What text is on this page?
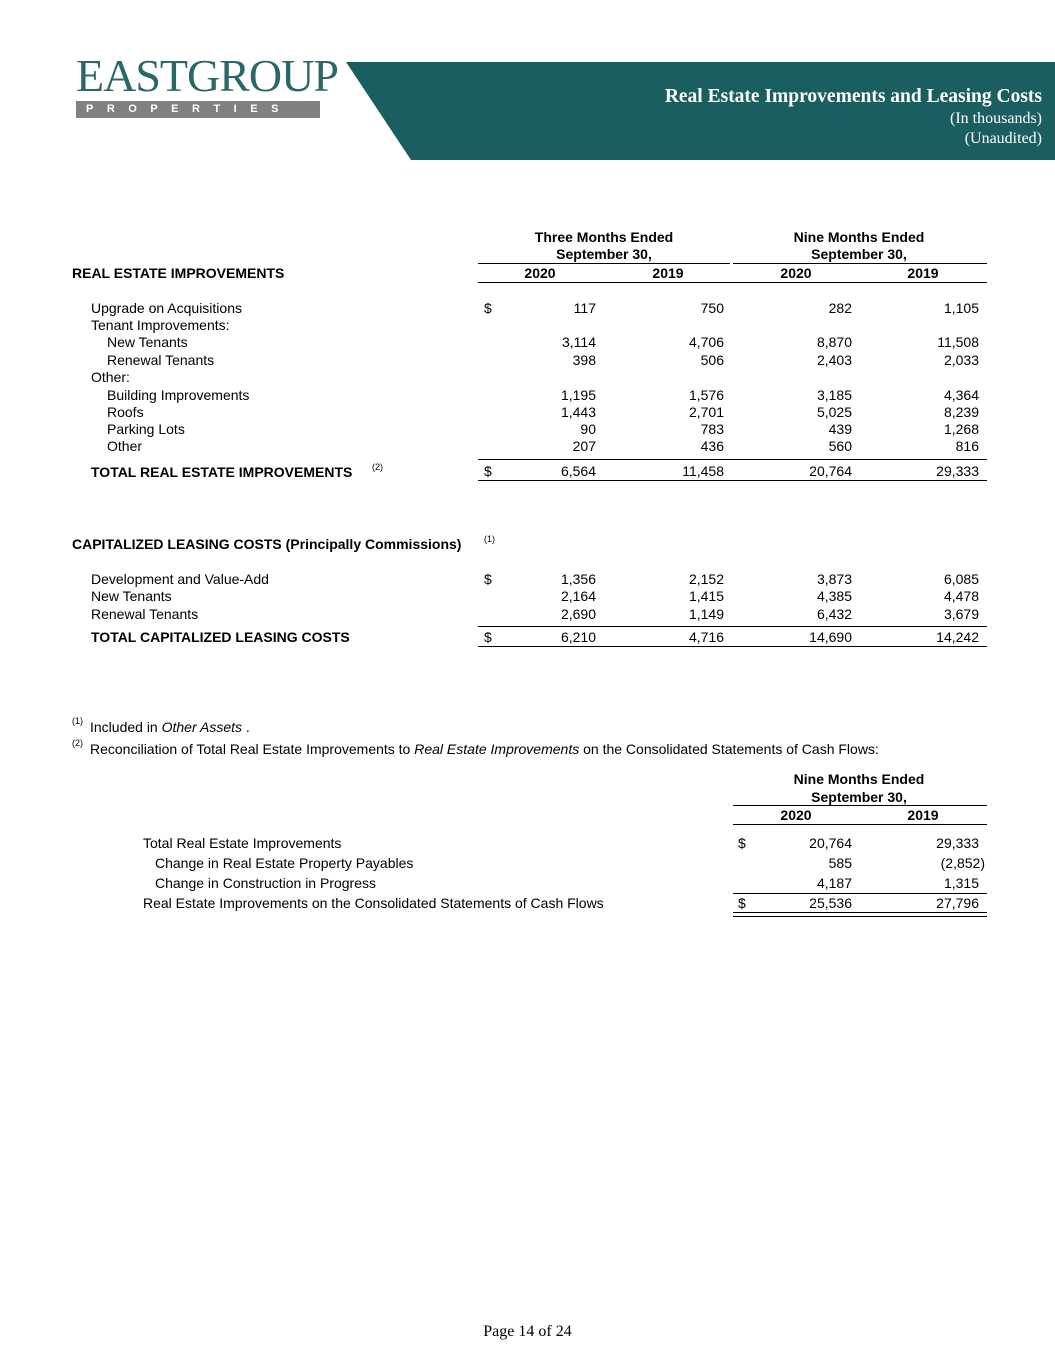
EASTGROUP
PROPERTIES
Real Estate Improvements and Leasing Costs
(In thousands)
(Unaudited)
Three Months Ended
September 30,
Nine Months Ended
September 30,
REAL ESTATE IMPROVEMENTS	2020	2019	2020	2019
Upgrade on Acquisitions	$	117	750	282	1,105
Tenant Improvements:
New Tenants	3,114	4,706	8,870	11,508
Renewal Tenants	398	506	2,403	2,033
Other:
Building Improvements	1,195	1,576	3,185	4,364
Roofs	1,443	2,701	5,025	8,239
Parking Lots	90	783	439	1,268
Other	207	436	560	816
TOTAL REAL ESTATE IMPROVEMENTS (2)	$	6,564	11,458	20,764	29,333
CAPITALIZED LEASING COSTS (Principally Commissions)	(1)
Development and Value-Add	$	1,356	2,152	3,873	6,085
New Tenants	2,164	1,415	4,385	4,478
Renewal Tenants	2,690	1,149	6,432	3,679
TOTAL CAPITALIZED LEASING COSTS	$	6,210	4,716	14,690	14,242
(1) Included in Other Assets .
(2) Reconciliation of Total Real Estate Improvements to Real Estate Improvements on the Consolidated Statements of Cash Flows:
Nine Months Ended
September 30,
2020	2019
Total Real Estate Improvements	$	20,764	29,333
Change in Real Estate Property Payables	585	(2,852)
Change in Construction in Progress	4,187	1,315
Real Estate Improvements on the Consolidated Statements of Cash Flows	$	25,536	27,796
Page 14 of 24
